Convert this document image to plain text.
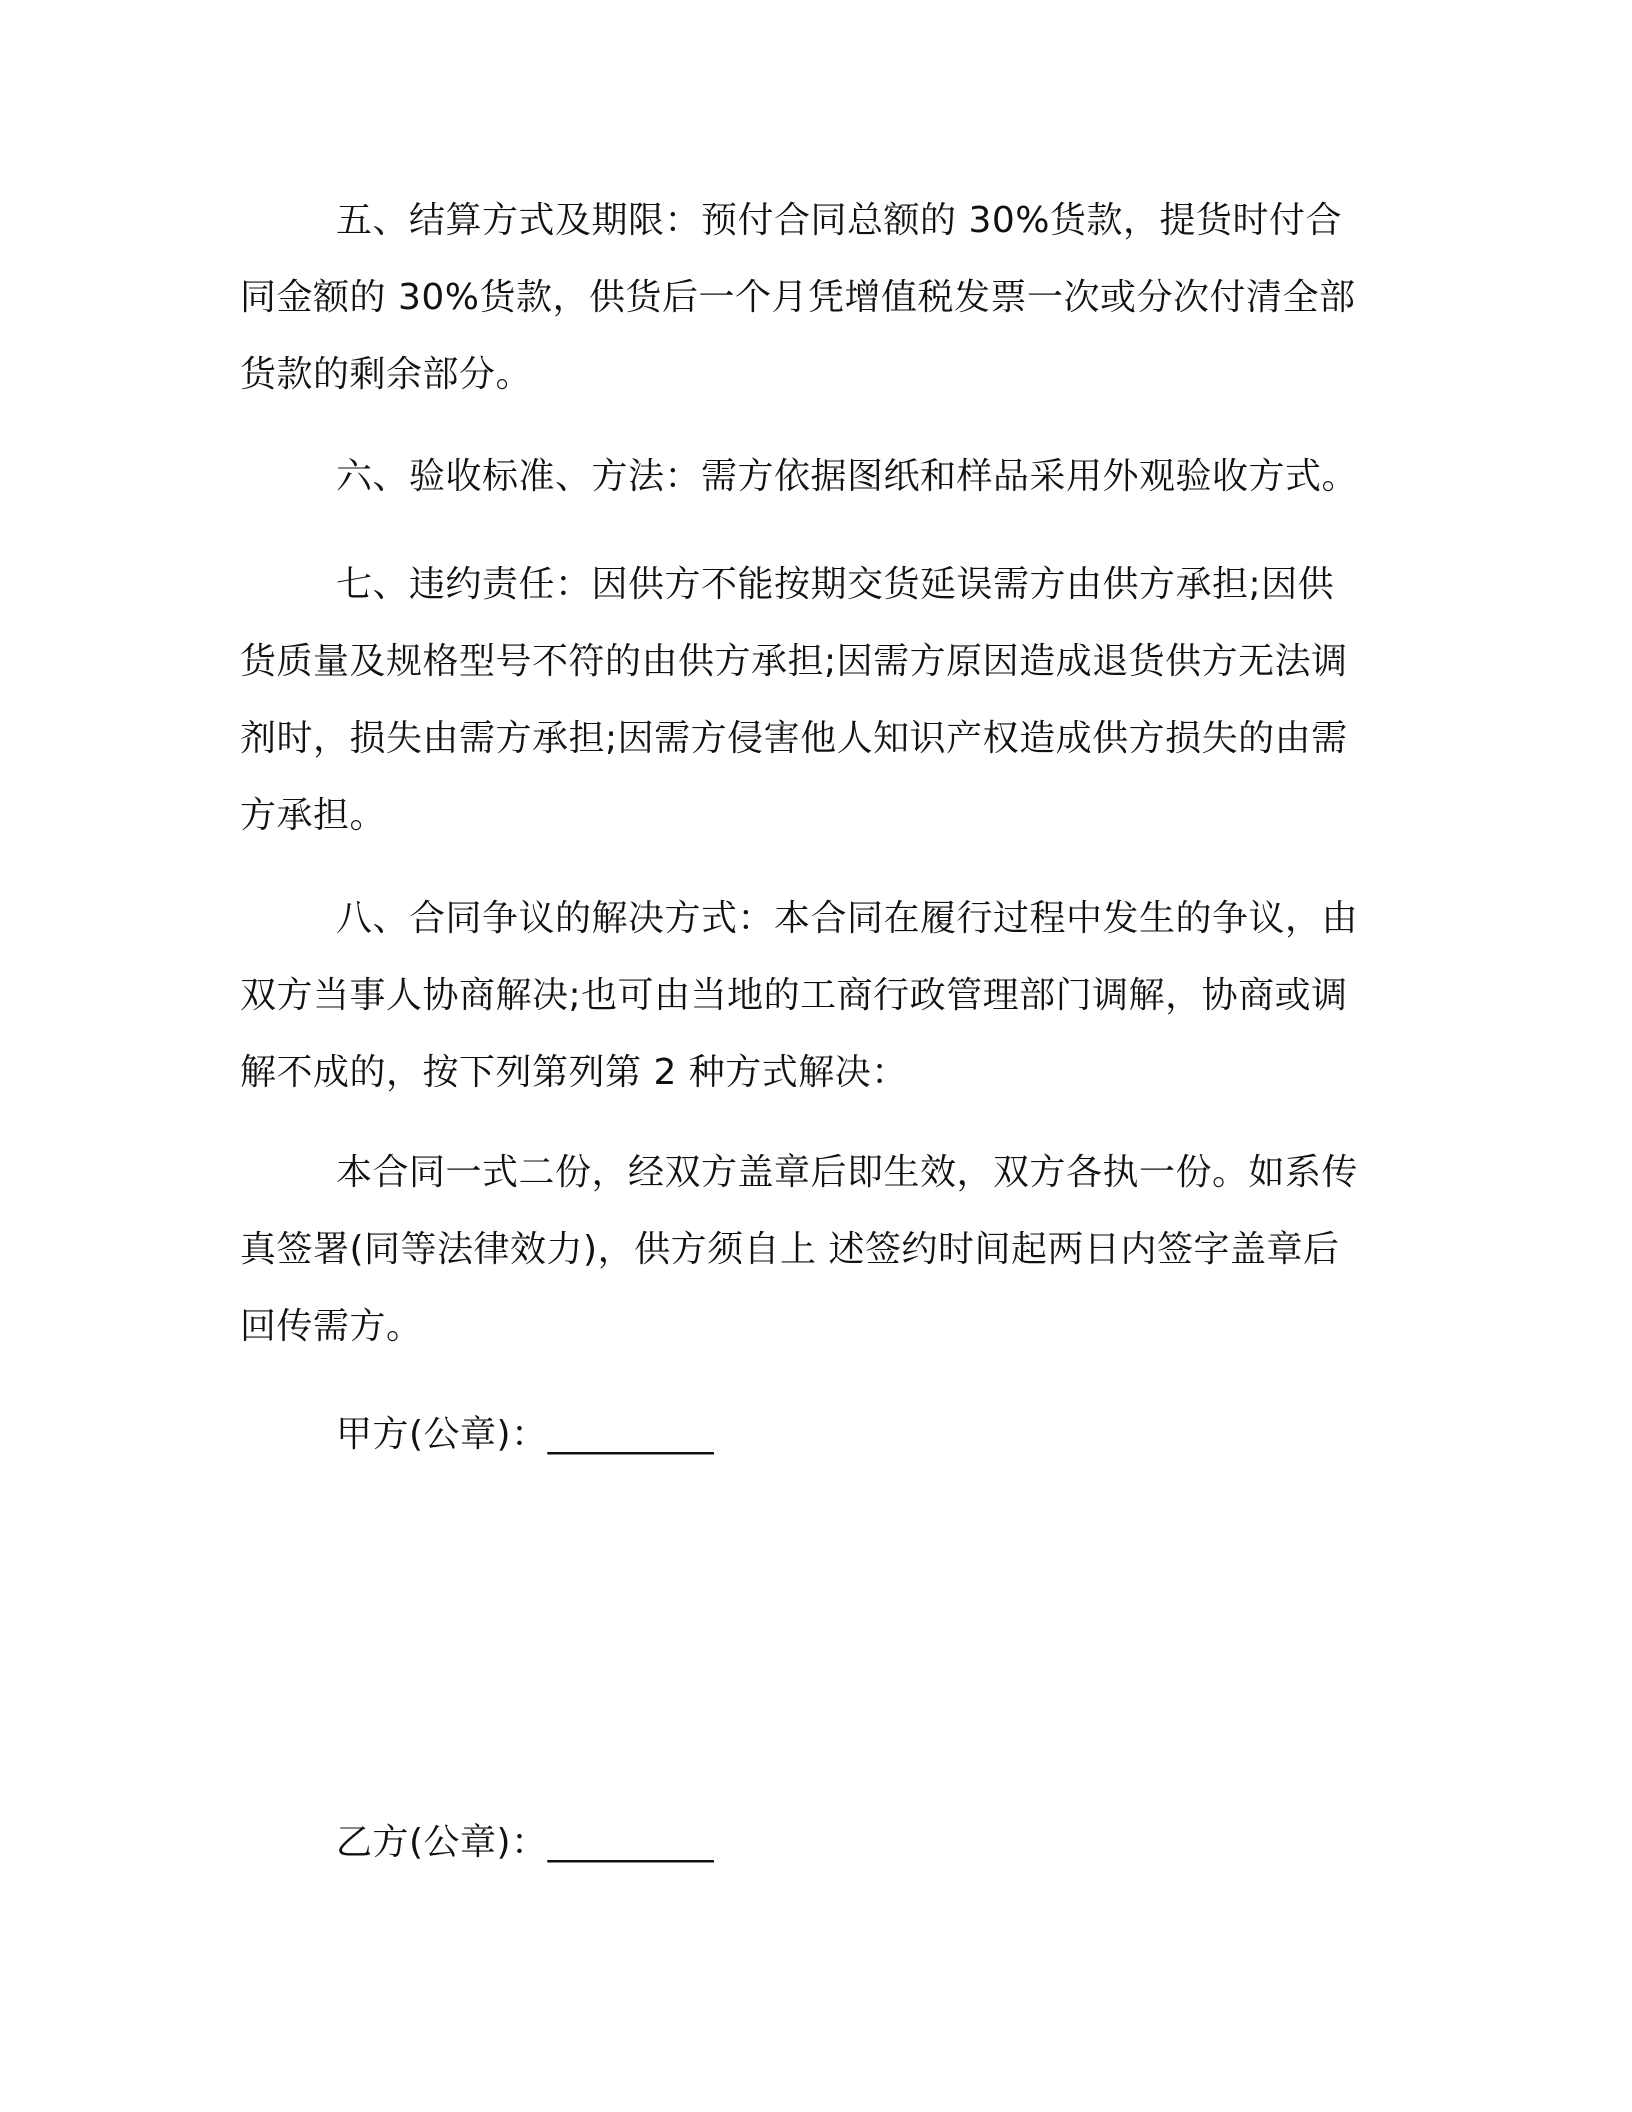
五、结算方式及期限：预付合同总额的 30%货款，提货时付合
同金额的 30%货款，供货后一个月凭增值税发票一次或分次付清全部
货款的剩余部分。

六、验收标准、方法：需方依据图纸和样品采用外观验收方式。

七、违约责任：因供方不能按期交货延误需方由供方承担;因供
货质量及规格型号不符的由供方承担;因需方原因造成退货供方无法调
剂时，损失由需方承担;因需方侵害他人知识产权造成供方损失的由需
方承担。

八、合同争议的解决方式：本合同在履行过程中发生的争议，由
双方当事人协商解决;也可由当地的工商行政管理部门调解，协商或调
解不成的，按下列第列第 2 种方式解决：

本合同一式二份，经双方盖章后即生效，双方各执一份。如系传
真签署(同等法律效力)，供方须自上 述签约时间起两日内签字盖章后
回传需方。

甲方(公章)：_________
乙方(公章)：_________
